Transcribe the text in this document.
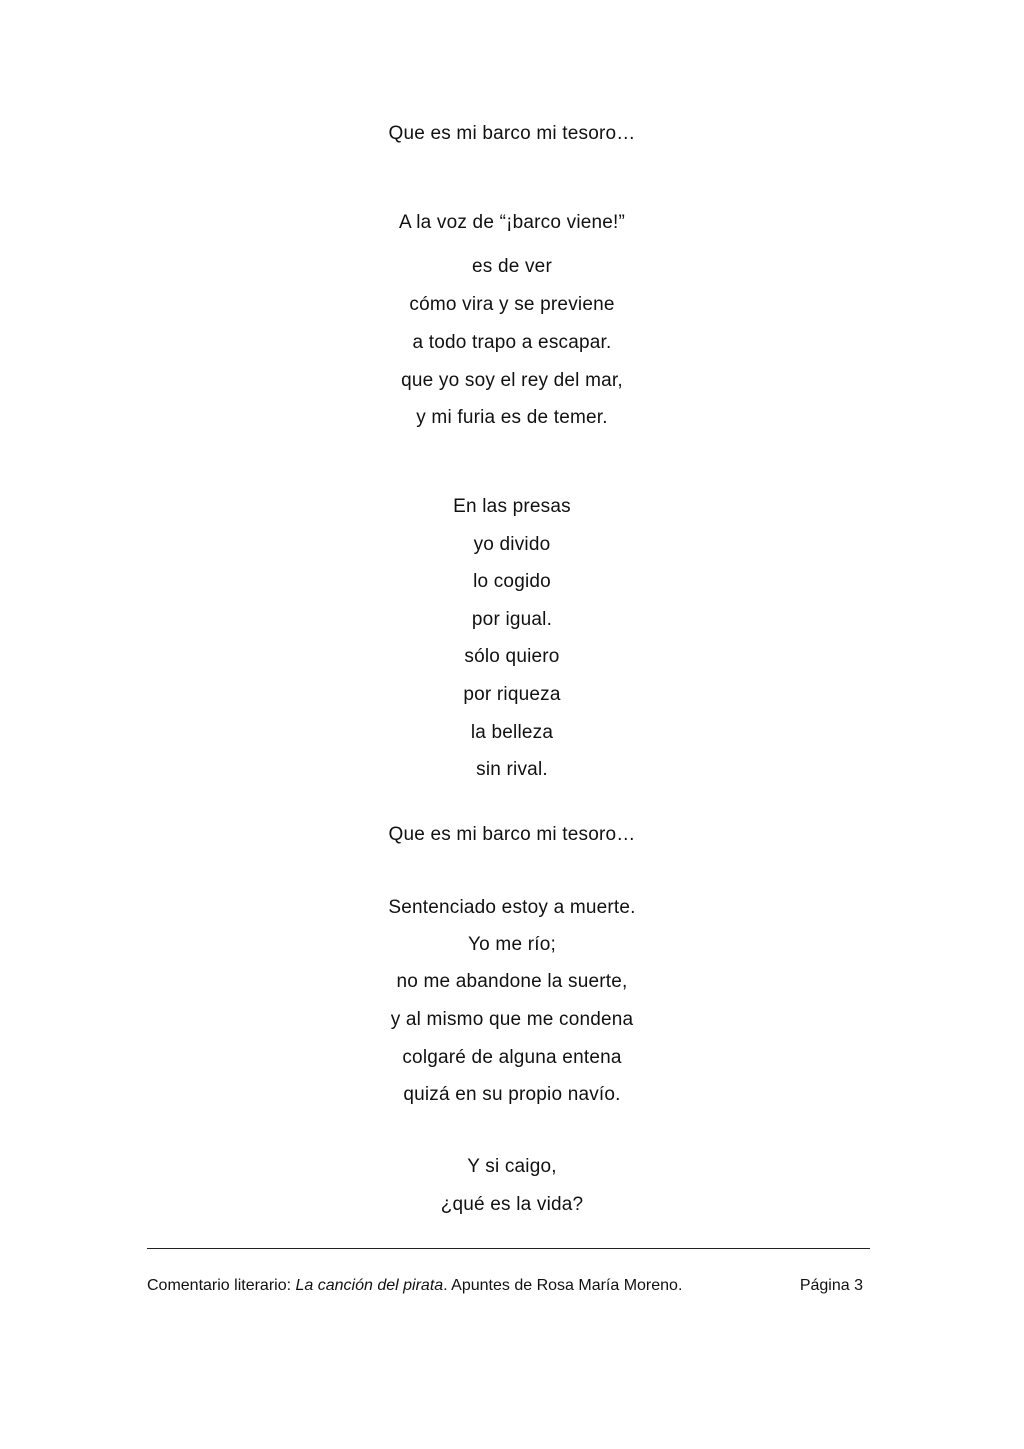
Que es mi barco mi tesoro…
A la voz de “¡barco viene!”
es de ver
cómo vira y se previene
a todo trapo a escapar.
que yo soy el rey del mar,
y mi furia es de temer.
En las presas
yo divido
lo cogido
por igual.
sólo quiero
por riqueza
la belleza
sin rival.
Que es mi barco mi tesoro…
Sentenciado estoy a muerte.
Yo me río;
no me abandone la suerte,
y al mismo que me condena
colgaré de alguna entena
quizá en su propio navío.
Y si caigo,
¿qué es la vida?
Comentario literario: La canción del pirata. Apuntes de Rosa María Moreno.	Página 3
